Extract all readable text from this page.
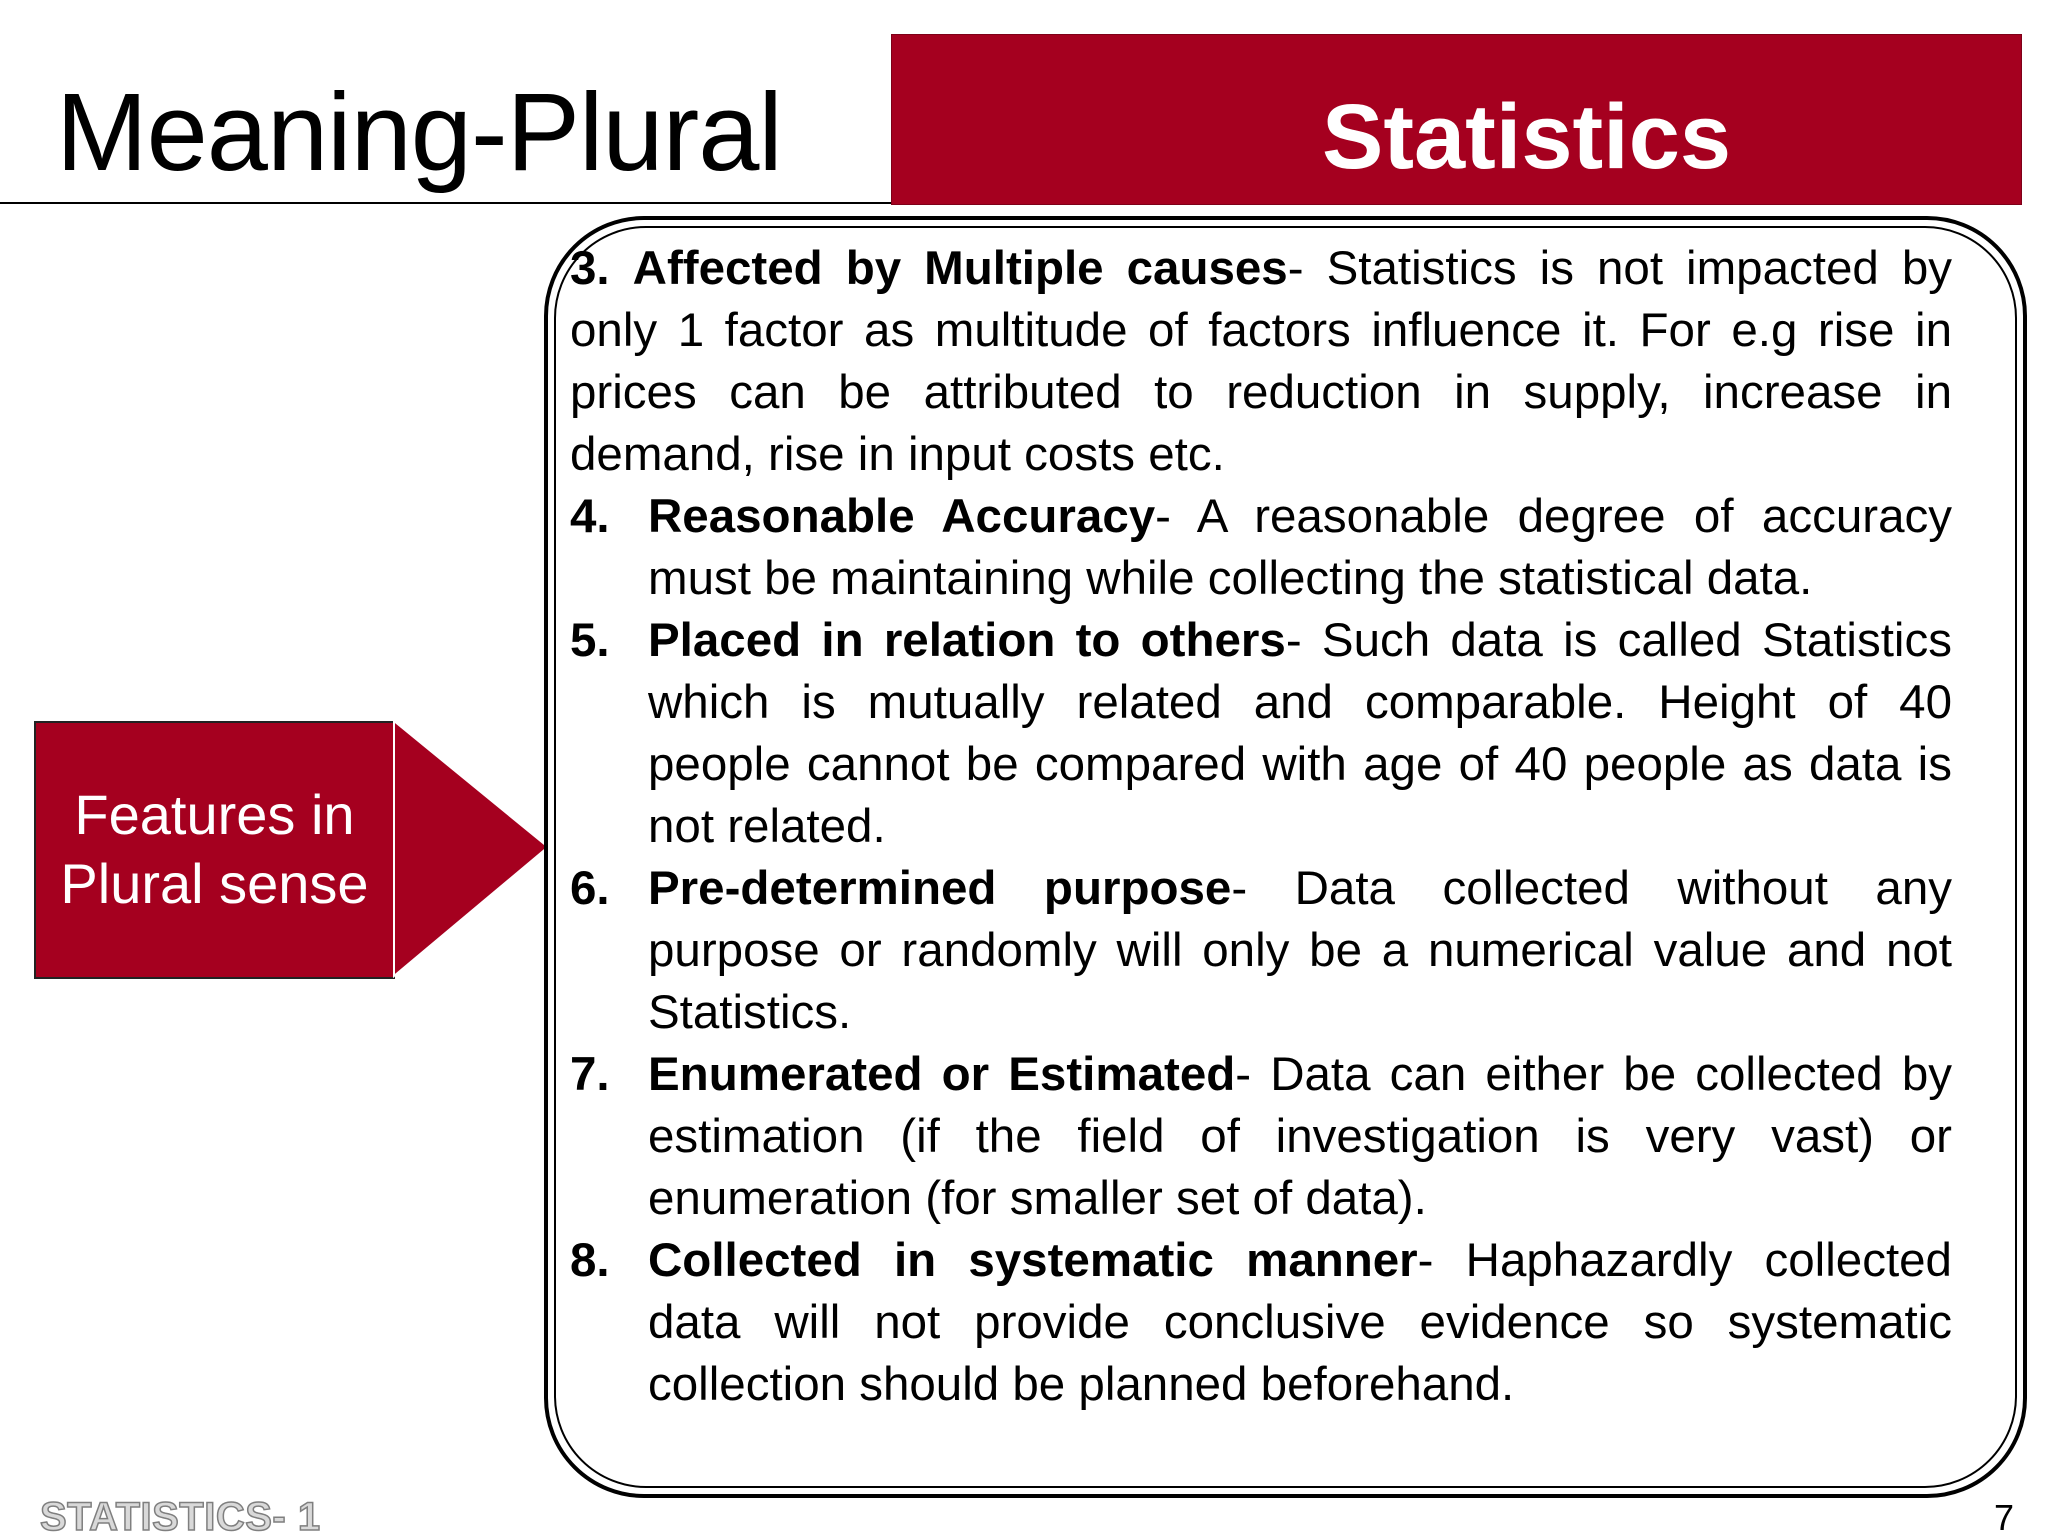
Meaning-Plural	Statistics
Features in Plural sense
3. Affected by Multiple causes- Statistics is not impacted by only 1 factor as multitude of factors influence it. For e.g rise in prices can be attributed to reduction in supply, increase in demand, rise in input costs etc.
4. Reasonable Accuracy- A reasonable degree of accuracy must be maintaining while collecting the statistical data.
5. Placed in relation to others- Such data is called Statistics which is mutually related and comparable. Height of 40 people cannot be compared with age of 40 people as data is not related.
6. Pre-determined purpose- Data collected without any purpose or randomly will only be a numerical value and not Statistics.
7. Enumerated or Estimated- Data can either be collected by estimation (if the field of investigation is very vast) or enumeration (for smaller set of data).
8. Collected in systematic manner- Haphazardly collected data will not provide conclusive evidence so systematic collection should be planned beforehand.
STATISTICS- 1	7
